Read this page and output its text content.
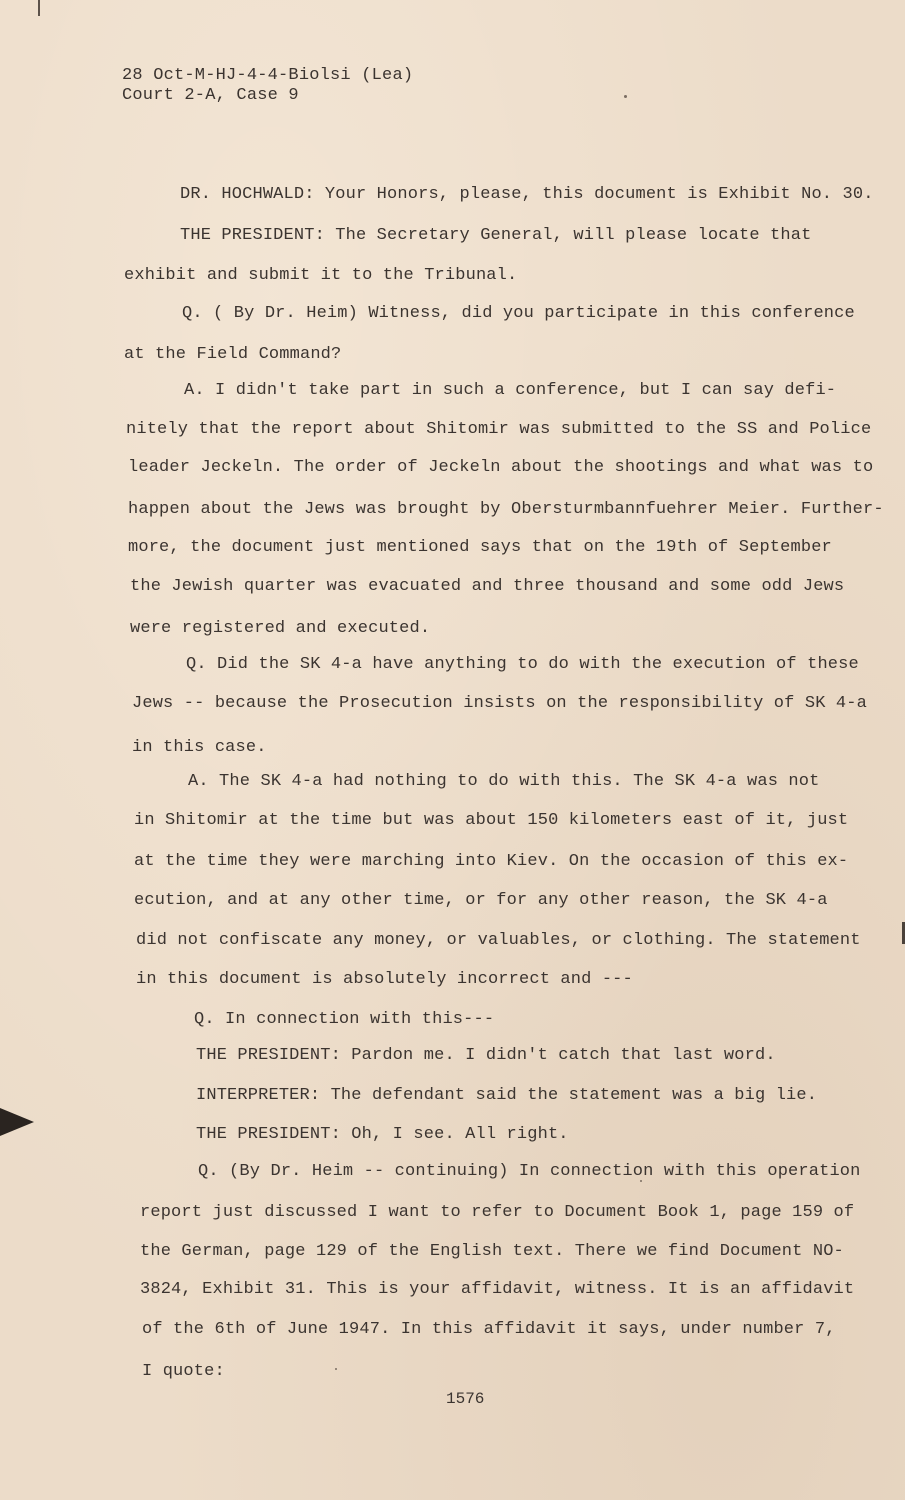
28 Oct-M-HJ-4-4-Biolsi (Lea)
Court 2-A, Case 9
DR. HOCHWALD: Your Honors, please, this document is Exhibit No. 30.
THE PRESIDENT: The Secretary General, will please locate that
exhibit and submit it to the Tribunal.
Q. ( By Dr. Heim) Witness, did you participate in this conference
at the Field Command?
A. I didn't take part in such a conference, but I can say defi-
nitely that the report about Shitomir was submitted to the SS and Police
leader Jeckeln. The order of Jeckeln about the shootings and what was to
happen about the Jews was brought by Obersturmbannfuehrer Meier. Further-
more, the document just mentioned says that on the 19th of September
the Jewish quarter was evacuated and three thousand and some odd Jews
were registered and executed.
Q. Did the SK 4-a have anything to do with the execution of these
Jews -- because the Prosecution insists on the responsibility of SK 4-a
in this case.
A. The SK 4-a had nothing to do with this. The SK 4-a was not
in Shitomir at the time but was about 150 kilometers east of it, just
at the time they were marching into Kiev. On the occasion of this ex-
ecution, and at any other time, or for any other reason, the SK 4-a
did not confiscate any money, or valuables, or clothing. The statement
in this document is absolutely incorrect and ---
Q. In connection with this---
THE PRESIDENT: Pardon me. I didn't catch that last word.
INTERPRETER: The defendant said the statement was a big lie.
THE PRESIDENT: Oh, I see. All right.
Q. (By Dr. Heim -- continuing) In connection with this operation
report just discussed I want to refer to Document Book 1, page 159 of
the German, page 129 of the English text. There we find Document NO-
3824, Exhibit 31. This is your affidavit, witness. It is an affidavit
of the 6th of June 1947. In this affidavit it says, under number 7,
I quote:
1576
